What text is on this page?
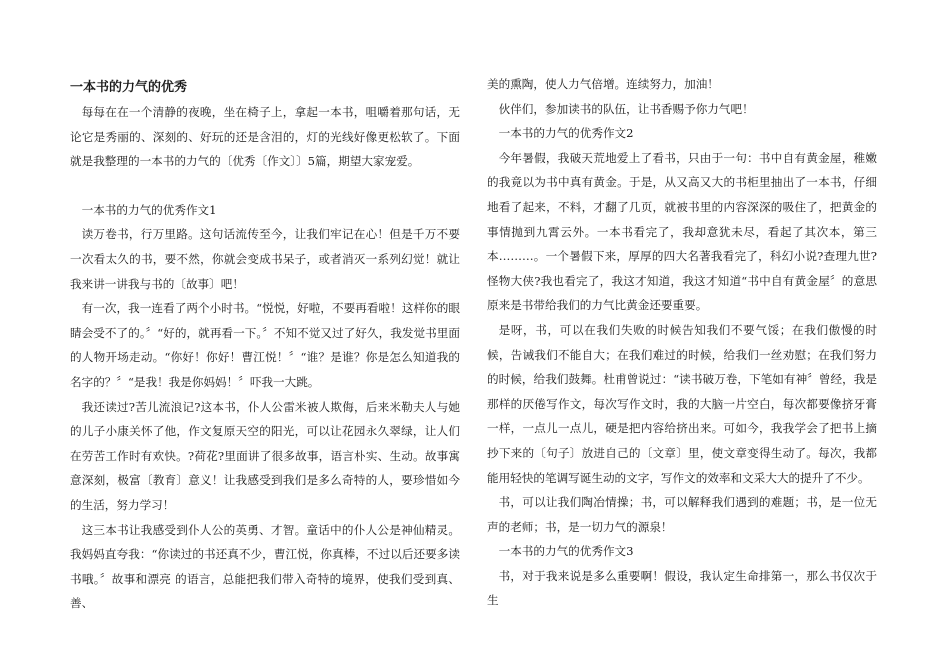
一本书的力气的优秀

每每在在一个清静的夜晚，坐在椅子上，拿起一本书，咀嚼着那句话，无论它是秀丽的、深刻的、好玩的还是含泪的，灯的光线好像更松软了。下面就是我整理的一本书的力气的〔优秀〔作文〕〕5篇，期望大家宠爱。

一本书的力气的优秀作文1

读万卷书，行万里路。这句话流传至今，让我们牢记在心！但是千万不要一次看太久的书，要不然，你就会变成书呆子，或者消灭一系列幻觉！就让我来讲一讲我与书的〔故事〕吧！

有一次，我一连看了两个小时书。“悦悦，好啦，不要再看啦！这样你的眼睛会受不了的。〞“好的，就再看一下。〞不知不觉又过了好久，我发觉书里面的人物开场走动。“你好！你好！曹江悦！〞“谁？是谁？你是怎么知道我的名字的？〞“是我！我是你妈妈！〞吓我一大跳。

我还读过?苦儿流浪记?这本书，仆人公雷米被人欺侮，后来米勒夫人与她的儿子小康关怀了他，作文复原天空的阳光，可以让花园永久翠绿，让人们在劳苦工作时有欢快。?荷花?里面讲了很多故事，语言朴实、生动。故事寓意深刻，极富〔教育〕意义！让我感受到我们是多么奇特的人，要珍惜如今的生活，努力学习！

这三本书让我感受到仆人公的英勇、才智。童话中的仆人公是神仙精灵。我妈妈直夸我：“你读过的书还真不少，曹江悦，你真棒，不过以后还要多读书哦。〞故事和漂亮 的语言，总能把我们带入奇特的境界，使我们受到真、善、

美的熏陶，使人力气倍增。连续努力，加油！

伙伴们，参加读书的队伍，让书香赐予你力气吧！

一本书的力气的优秀作文2

今年暑假，我破天荒地爱上了看书，只由于一句：书中自有黄金屋，稚嫩的我竟以为书中真有黄金。于是，从又高又大的书柜里抽出了一本书，仔细地看了起来，不料，才翻了几页，就被书里的内容深深的吸住了，把黄金的事情抛到九霄云外。一本书看完了，我却意犹未尽，看起了其次本，第三本………。一个暑假下来，厚厚的四大名著我看完了，科幻小说?查理九世?怪物大侠?我也看完了，我这才知道，我这才知道“书中自有黄金屋〞的意思原来是书带给我们的力气比黄金还要重要。

是呀，书，可以在我们失败的时候告知我们不要气馁；在我们傲慢的时候，告诫我们不能自大；在我们难过的时候，给我们一丝劝慰；在我们努力的时候，给我们鼓舞。杜甫曾说过：“读书破万卷，下笔如有神〞曾经，我是那样的厌倦写作文，每次写作文时，我的大脑一片空白，每次都要像挤牙膏一样，一点儿一点儿，硬是把内容给挤出来。可如今，我我学会了把书上摘抄下来的〔句子〕放进自己的〔文章〕里，使文章变得生动了。每次，我都能用轻快的笔调写诞生动的文字，写作文的效率和文采大大的提升了不少。

书，可以让我们陶冶情操；书，可以解释我们遇到的难题；书，是一位无声的老师；书，是一切力气的源泉！

一本书的力气的优秀作文3

书，对于我来说是多么重要啊！假设，我认定生命排第一，那么书仅次于生
